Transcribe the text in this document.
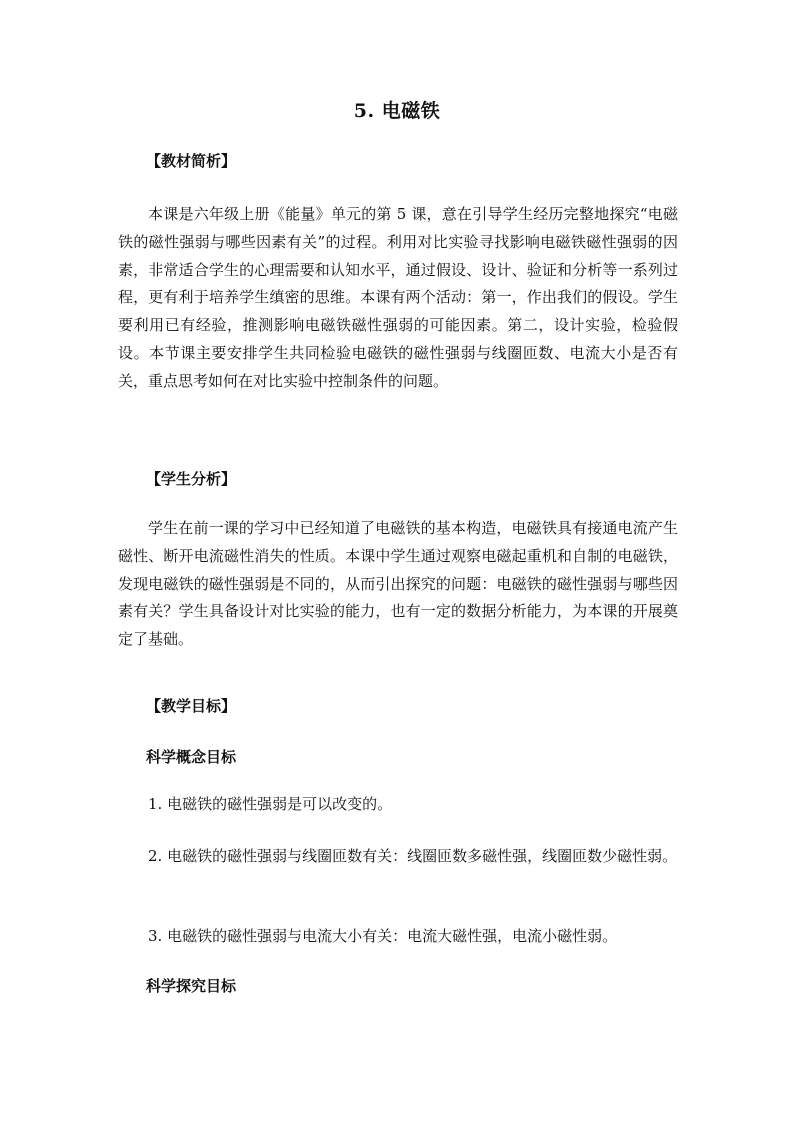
5. 电磁铁
【教材简析】

本课是六年级上册《能量》单元的第 5 课，意在引导学生经历完整地探究“电磁铁的磁性强弱与哪些因素有关”的过程。利用对比实验寻找影响电磁铁磁性强弱的因素，非常适合学生的心理需要和认知水平，通过假设、设计、验证和分析等一系列过程，更有利于培养学生缜密的思维。本课有两个活动：第一，作出我们的假设。学生要利用已有经验，推测影响电磁铁磁性强弱的可能因素。第二，设计实验，检验假设。本节课主要安排学生共同检验电磁铁的磁性强弱与线圈匝数、电流大小是否有关，重点思考如何在对比实验中控制条件的问题。

【学生分析】

学生在前一课的学习中已经知道了电磁铁的基本构造，电磁铁具有接通电流产生磁性、断开电流磁性消失的性质。本课中学生通过观察电磁起重机和自制的电磁铁，发现电磁铁的磁性强弱是不同的，从而引出探究的问题：电磁铁的磁性强弱与哪些因素有关？学生具备设计对比实验的能力，也有一定的数据分析能力，为本课的开展奠定了基础。

【教学目标】
科学概念目标

1. 电磁铁的磁性强弱是可以改变的。

2. 电磁铁的磁性强弱与线圈匝数有关：线圈匝数多磁性强，线圈匝数少磁性弱。

3. 电磁铁的磁性强弱与电流大小有关：电流大磁性强，电流小磁性弱。

科学探究目标
